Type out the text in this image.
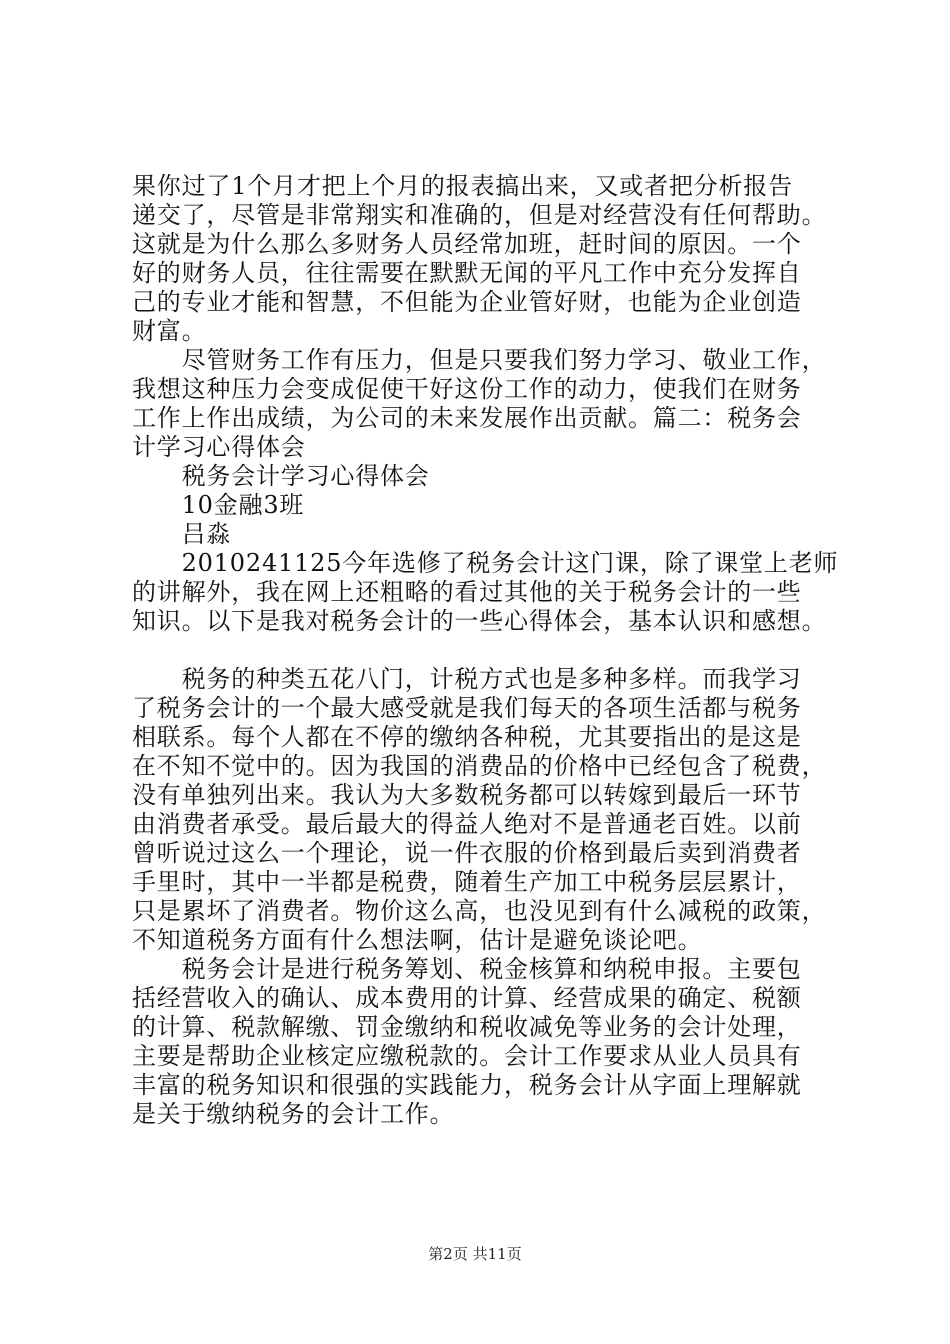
果你过了1个月才把上个月的报表搞出来，又或者把分析报告
递交了，尽管是非常翔实和准确的，但是对经营没有任何帮助。
这就是为什么那么多财务人员经常加班，赶时间的原因。一个
好的财务人员，往往需要在默默无闻的平凡工作中充分发挥自
己的专业才能和智慧，不但能为企业管好财，也能为企业创造
财富。
　　尽管财务工作有压力，但是只要我们努力学习、敬业工作，
我想这种压力会变成促使干好这份工作的动力，使我们在财务
工作上作出成绩，为公司的未来发展作出贡献。篇二：税务会
计学习心得体会
　　税务会计学习心得体会
　　10金融3班
　　吕淼
　　2010241125今年选修了税务会计这门课，除了课堂上老师
的讲解外，我在网上还粗略的看过其他的关于税务会计的一些
知识。以下是我对税务会计的一些心得体会，基本认识和感想。
　　税务的种类五花八门，计税方式也是多种多样。而我学习
了税务会计的一个最大感受就是我们每天的各项生活都与税务
相联系。每个人都在不停的缴纳各种税，尤其要指出的是这是
在不知不觉中的。因为我国的消费品的价格中已经包含了税费，
没有单独列出来。我认为大多数税务都可以转嫁到最后一环节
由消费者承受。最后最大的得益人绝对不是普通老百姓。以前
曾听说过这么一个理论，说一件衣服的价格到最后卖到消费者
手里时，其中一半都是税费，随着生产加工中税务层层累计，
只是累坏了消费者。物价这么高，也没见到有什么减税的政策，
不知道税务方面有什么想法啊，估计是避免谈论吧。
　　税务会计是进行税务筹划、税金核算和纳税申报。主要包
括经营收入的确认、成本费用的计算、经营成果的确定、税额
的计算、税款解缴、罚金缴纳和税收减免等业务的会计处理，
主要是帮助企业核定应缴税款的。会计工作要求从业人员具有
丰富的税务知识和很强的实践能力，税务会计从字面上理解就
是关于缴纳税务的会计工作。
第2页 共11页
